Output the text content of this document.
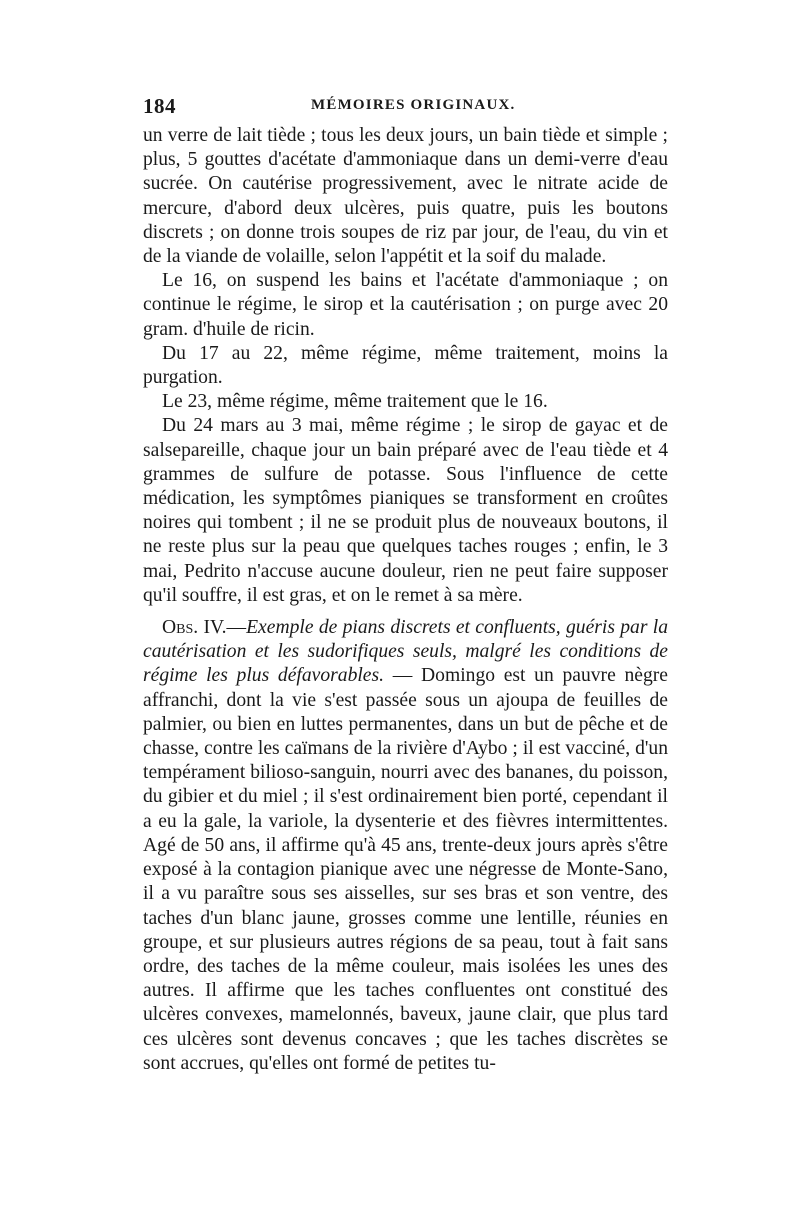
184	MÉMOIRES ORIGINAUX.

un verre de lait tiède ; tous les deux jours, un bain tiède et simple ; plus, 5 gouttes d'acétate d'ammoniaque dans un demi-verre d'eau sucrée. On cautérise progressivement, avec le nitrate acide de mercure, d'abord deux ulcères, puis quatre, puis les boutons discrets ; on donne trois soupes de riz par jour, de l'eau, du vin et de la viande de volaille, selon l'appétit et la soif du malade.

Le 16, on suspend les bains et l'acétate d'ammoniaque ; on continue le régime, le sirop et la cautérisation ; on purge avec 20 gram. d'huile de ricin.

Du 17 au 22, même régime, même traitement, moins la purgation.

Le 23, même régime, même traitement que le 16.

Du 24 mars au 3 mai, même régime ; le sirop de gayac et de salsepareille, chaque jour un bain préparé avec de l'eau tiède et 4 grammes de sulfure de potasse. Sous l'influence de cette médication, les symptômes pianiques se transforment en croûtes noires qui tombent ; il ne se produit plus de nouveaux boutons, il ne reste plus sur la peau que quelques taches rouges ; enfin, le 3 mai, Pedrito n'accuse aucune douleur, rien ne peut faire supposer qu'il souffre, il est gras, et on le remet à sa mère.

Obs. IV.—Exemple de pians discrets et confluents, guéris par la cautérisation et les sudorifiques seuls, malgré les conditions de régime les plus défavorables. — Domingo est un pauvre nègre affranchi, dont la vie s'est passée sous un ajoupa de feuilles de palmier, ou bien en luttes permanentes, dans un but de pêche et de chasse, contre les caïmans de la rivière d'Aybo ; il est vacciné, d'un tempérament bilioso-sanguin, nourri avec des bananes, du poisson, du gibier et du miel ; il s'est ordinairement bien porté, cependant il a eu la gale, la variole, la dysenterie et des fièvres intermittentes. Agé de 50 ans, il affirme qu'à 45 ans, trente-deux jours après s'être exposé à la contagion pianique avec une négresse de Monte-Sano, il a vu paraître sous ses aisselles, sur ses bras et son ventre, des taches d'un blanc jaune, grosses comme une lentille, réunies en groupe, et sur plusieurs autres régions de sa peau, tout à fait sans ordre, des taches de la même couleur, mais isolées les unes des autres. Il affirme que les taches confluentes ont constitué des ulcères convexes, mamelonnés, baveux, jaune clair, que plus tard ces ulcères sont devenus concaves ; que les taches discrètes se sont accrues, qu'elles ont formé de petites tu-
